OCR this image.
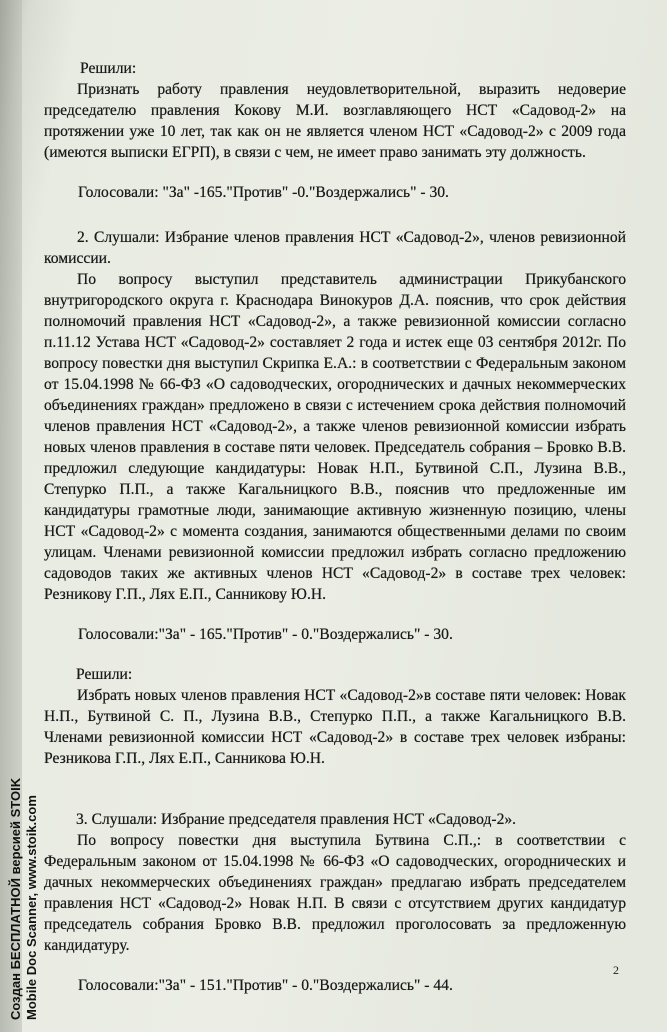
Решили:

Признать работу правления неудовлетворительной, выразить недоверие председателю правления Кокову М.И. возглавляющего НСТ «Садовод-2» на протяжении уже 10 лет, так как он не является членом НСТ «Садовод-2» с 2009 года (имеются выписки ЕГРП), в связи с чем, не имеет право занимать эту должность.

Голосовали: "За" -165."Против" -0."Воздержались" - 30.

2. Слушали: Избрание членов правления НСТ «Садовод-2», членов ревизионной комиссии.

По вопросу выступил представитель администрации Прикубанского внутригородского округа г. Краснодара Винокуров Д.А. пояснив, что срок действия полномочий правления НСТ «Садовод-2», а также ревизионной комиссии согласно п.11.12 Устава НСТ «Садовод-2» составляет 2 года и истек еще 03 сентября 2012г. По вопросу повестки дня выступил Скрипка Е.А.: в соответствии с Федеральным законом от 15.04.1998 № 66-ФЗ «О садоводческих, огороднических и дачных некоммерческих объединениях граждан» предложено в связи с истечением срока действия полномочий членов правления НСТ «Садовод-2», а также членов ревизионной комиссии избрать новых членов правления в составе пяти человек. Председатель собрания – Бровко В.В. предложил следующие кандидатуры: Новак Н.П., Бутвиной С.П., Лузина В.В., Степурко П.П., а также Кагальницкого В.В., пояснив что предложенные им кандидатуры грамотные люди, занимающие активную жизненную позицию, члены НСТ «Садовод-2» с момента создания, занимаются общественными делами по своим улицам. Членами ревизионной комиссии предложил избрать согласно предложению садоводов таких же активных членов НСТ «Садовод-2» в составе трех человек: Резникову Г.П., Лях Е.П., Санникову Ю.Н.

Голосовали:"За" - 165."Против" - 0."Воздержались" - 30.

Решили:

Избрать новых членов правления НСТ «Садовод-2»в составе пяти человек: Новак Н.П., Бутвиной С. П., Лузина В.В., Степурко П.П., а также Кагальницкого В.В. Членами ревизионной комиссии НСТ «Садовод-2» в составе трех человек избраны: Резникова Г.П., Лях Е.П., Санникова Ю.Н.

3. Слушали: Избрание председателя правления НСТ «Садовод-2».

По вопросу повестки дня выступила Бутвина С.П.,: в соответствии с Федеральным законом от 15.04.1998 № 66-ФЗ «О садоводческих, огороднических и дачных некоммерческих объединениях граждан» предлагаю избрать председателем правления НСТ «Садовод-2» Новак Н.П. В связи с отсутствием других кандидатур председатель собрания Бровко В.В. предложил проголосовать за предложенную кандидатуру.

Голосовали:"За" - 151."Против" - 0."Воздержались" - 44.

2
Создан БЕСПЛАТНОЙ версией STOIK Mobile Doc Scanner, www.stoik.com
